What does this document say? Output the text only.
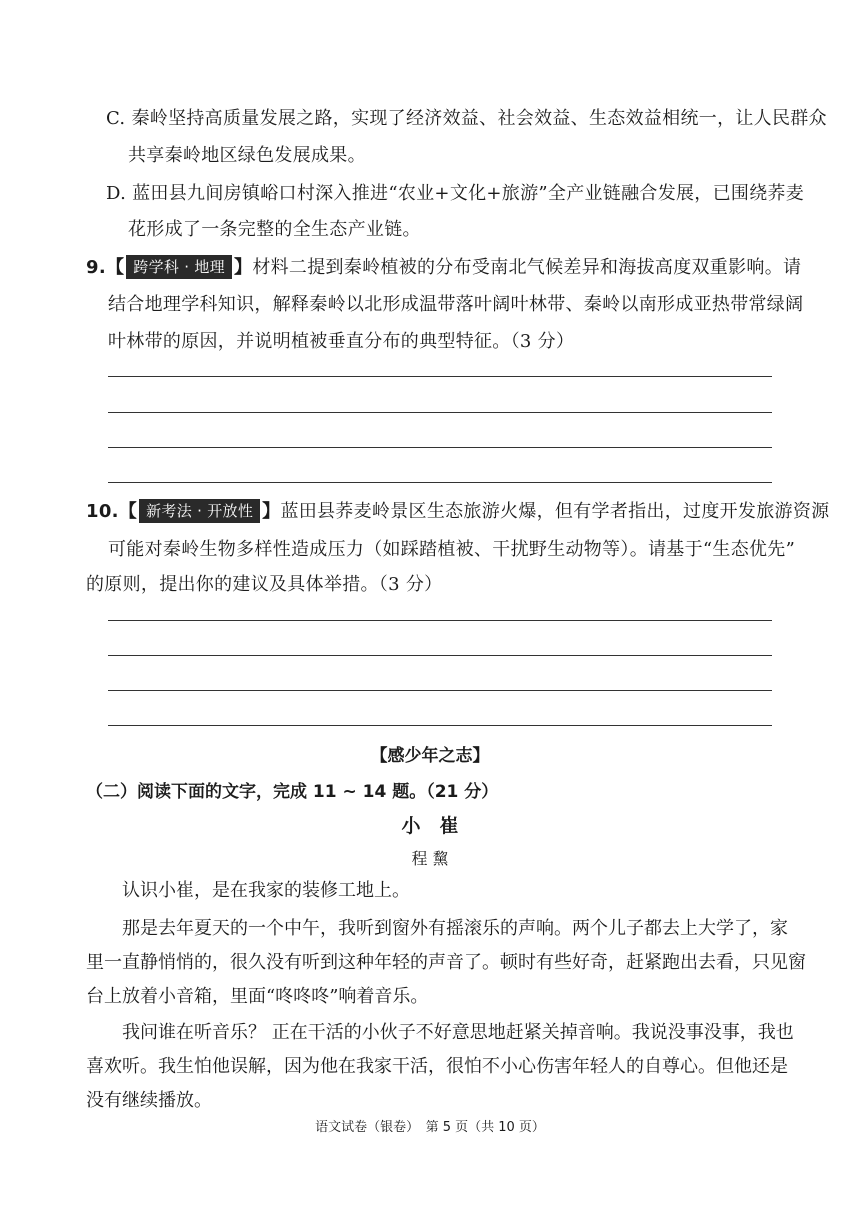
C. 秦岭坚持高质量发展之路，实现了经济效益、社会效益、生态效益相统一，让人民群众
共享秦岭地区绿色发展成果。
D. 蓝田县九间房镇峪口村深入推进“农业+文化+旅游”全产业链融合发展，已围绕荞麦
花形成了一条完整的全生态产业链。
9.【 跨学科 · 地理 】材料二提到秦岭植被的分布受南北气候差异和海拔高度双重影响。请
结合地理学科知识，解释秦岭以北形成温带落叶阔叶林带、秦岭以南形成亚热带常绿阔
叶林带的原因，并说明植被垂直分布的典型特征。（3 分）
10.【 新考法 · 开放性 】蓝田县荞麦岭景区生态旅游火爆，但有学者指出，过度开发旅游资源
可能对秦岭生物多样性造成压力（如踩踏植被、干扰野生动物等）。请基于“生态优先”
的原则，提出你的建议及具体举措。（3 分）
【感少年之志】
（二）阅读下面的文字，完成 11 ~ 14 题。（21 分）
小　崔
程 黧
认识小崔，是在我家的装修工地上。
那是去年夏天的一个中午，我听到窗外有摇滚乐的声响。两个儿子都去上大学了，家
里一直静悄悄的，很久没有听到这种年轻的声音了。顿时有些好奇，赶紧跑出去看，只见窗
台上放着小音箱，里面“咚咚咚”响着音乐。
我问谁在听音乐？ 正在干活的小伙子不好意思地赶紧关掉音响。我说没事没事，我也
喜欢听。我生怕他误解，因为他在我家干活，很怕不小心伤害年轻人的自尊心。但他还是
没有继续播放。
语文试卷（银卷）　第 5 页（共 10 页）
